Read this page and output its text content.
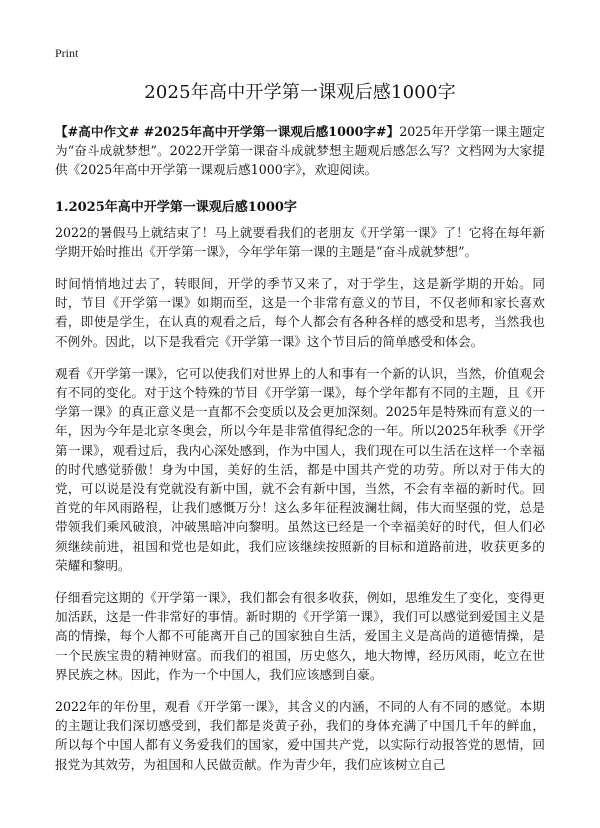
Print
2025年高中开学第一课观后感1000字

【#高中作文# #2025年高中开学第一课观后感1000字#】2025年开学第一课主题定为“奋斗成就梦想”。2022开学第一课奋斗成就梦想主题观后感怎么写？文档网为大家提供《2025年高中开学第一课观后感1000字》，欢迎阅读。

1.2025年高中开学第一课观后感1000字

2022的暑假马上就结束了！马上就要看我们的老朋友《开学第一课》了！它将在每年新学期开始时推出《开学第一课》，今年学年第一课的主题是“奋斗成就梦想”。

时间悄悄地过去了，转眼间，开学的季节又来了，对于学生，这是新学期的开始。同时，节目《开学第一课》如期而至，这是一个非常有意义的节目，不仅老师和家长喜欢看，即使是学生，在认真的观看之后，每个人都会有各种各样的感受和思考，当然我也不例外。因此，以下是我看完《开学第一课》这个节目后的简单感受和体会。

观看《开学第一课》，它可以使我们对世界上的人和事有一个新的认识，当然，价值观会有不同的变化。对于这个特殊的节目《开学第一课》，每个学年都有不同的主题，且《开学第一课》的真正意义是一直都不会变质以及会更加深刻。2025年是特殊而有意义的一年，因为今年是北京冬奥会，所以今年是非常值得纪念的一年。所以2025年秋季《开学第一课》，观看过后，我内心深处感到，作为中国人，我们现在可以生活在这样一个幸福的时代感觉骄傲！身为中国，美好的生活，都是中国共产党的功劳。所以对于伟大的党，可以说是没有党就没有新中国，就不会有新中国，当然，不会有幸福的新时代。回首党的年风雨路程，让我们感慨万分！这么多年征程波澜壮阔，伟大而坚强的党，总是带领我们乘风破浪，冲破黑暗冲向黎明。虽然这已经是一个幸福美好的时代，但人们必须继续前进，祖国和党也是如此，我们应该继续按照新的目标和道路前进，收获更多的荣耀和黎明。

仔细看完这期的《开学第一课》，我们都会有很多收获，例如，思维发生了变化，变得更加活跃，这是一件非常好的事情。新时期的《开学第一课》，我们可以感觉到爱国主义是高的情操，每个人都不可能离开自己的国家独自生活，爱国主义是高尚的道德情操，是一个民族宝贵的精神财富。而我们的祖国，历史悠久，地大物博，经历风雨，屹立在世界民族之林。因此，作为一个中国人，我们应该感到自豪。

2022年的年份里，观看《开学第一课》，其含义的内涵，不同的人有不同的感觉。本期的主题让我们深切感受到，我们都是炎黄子孙，我们的身体充满了中国几千年的鲜血，所以每个中国人都有义务爱我们的国家，爱中国共产党，以实际行动报答党的恩情，回报党为其效劳，为祖国和人民做贡献。作为青少年，我们应该树立自己
